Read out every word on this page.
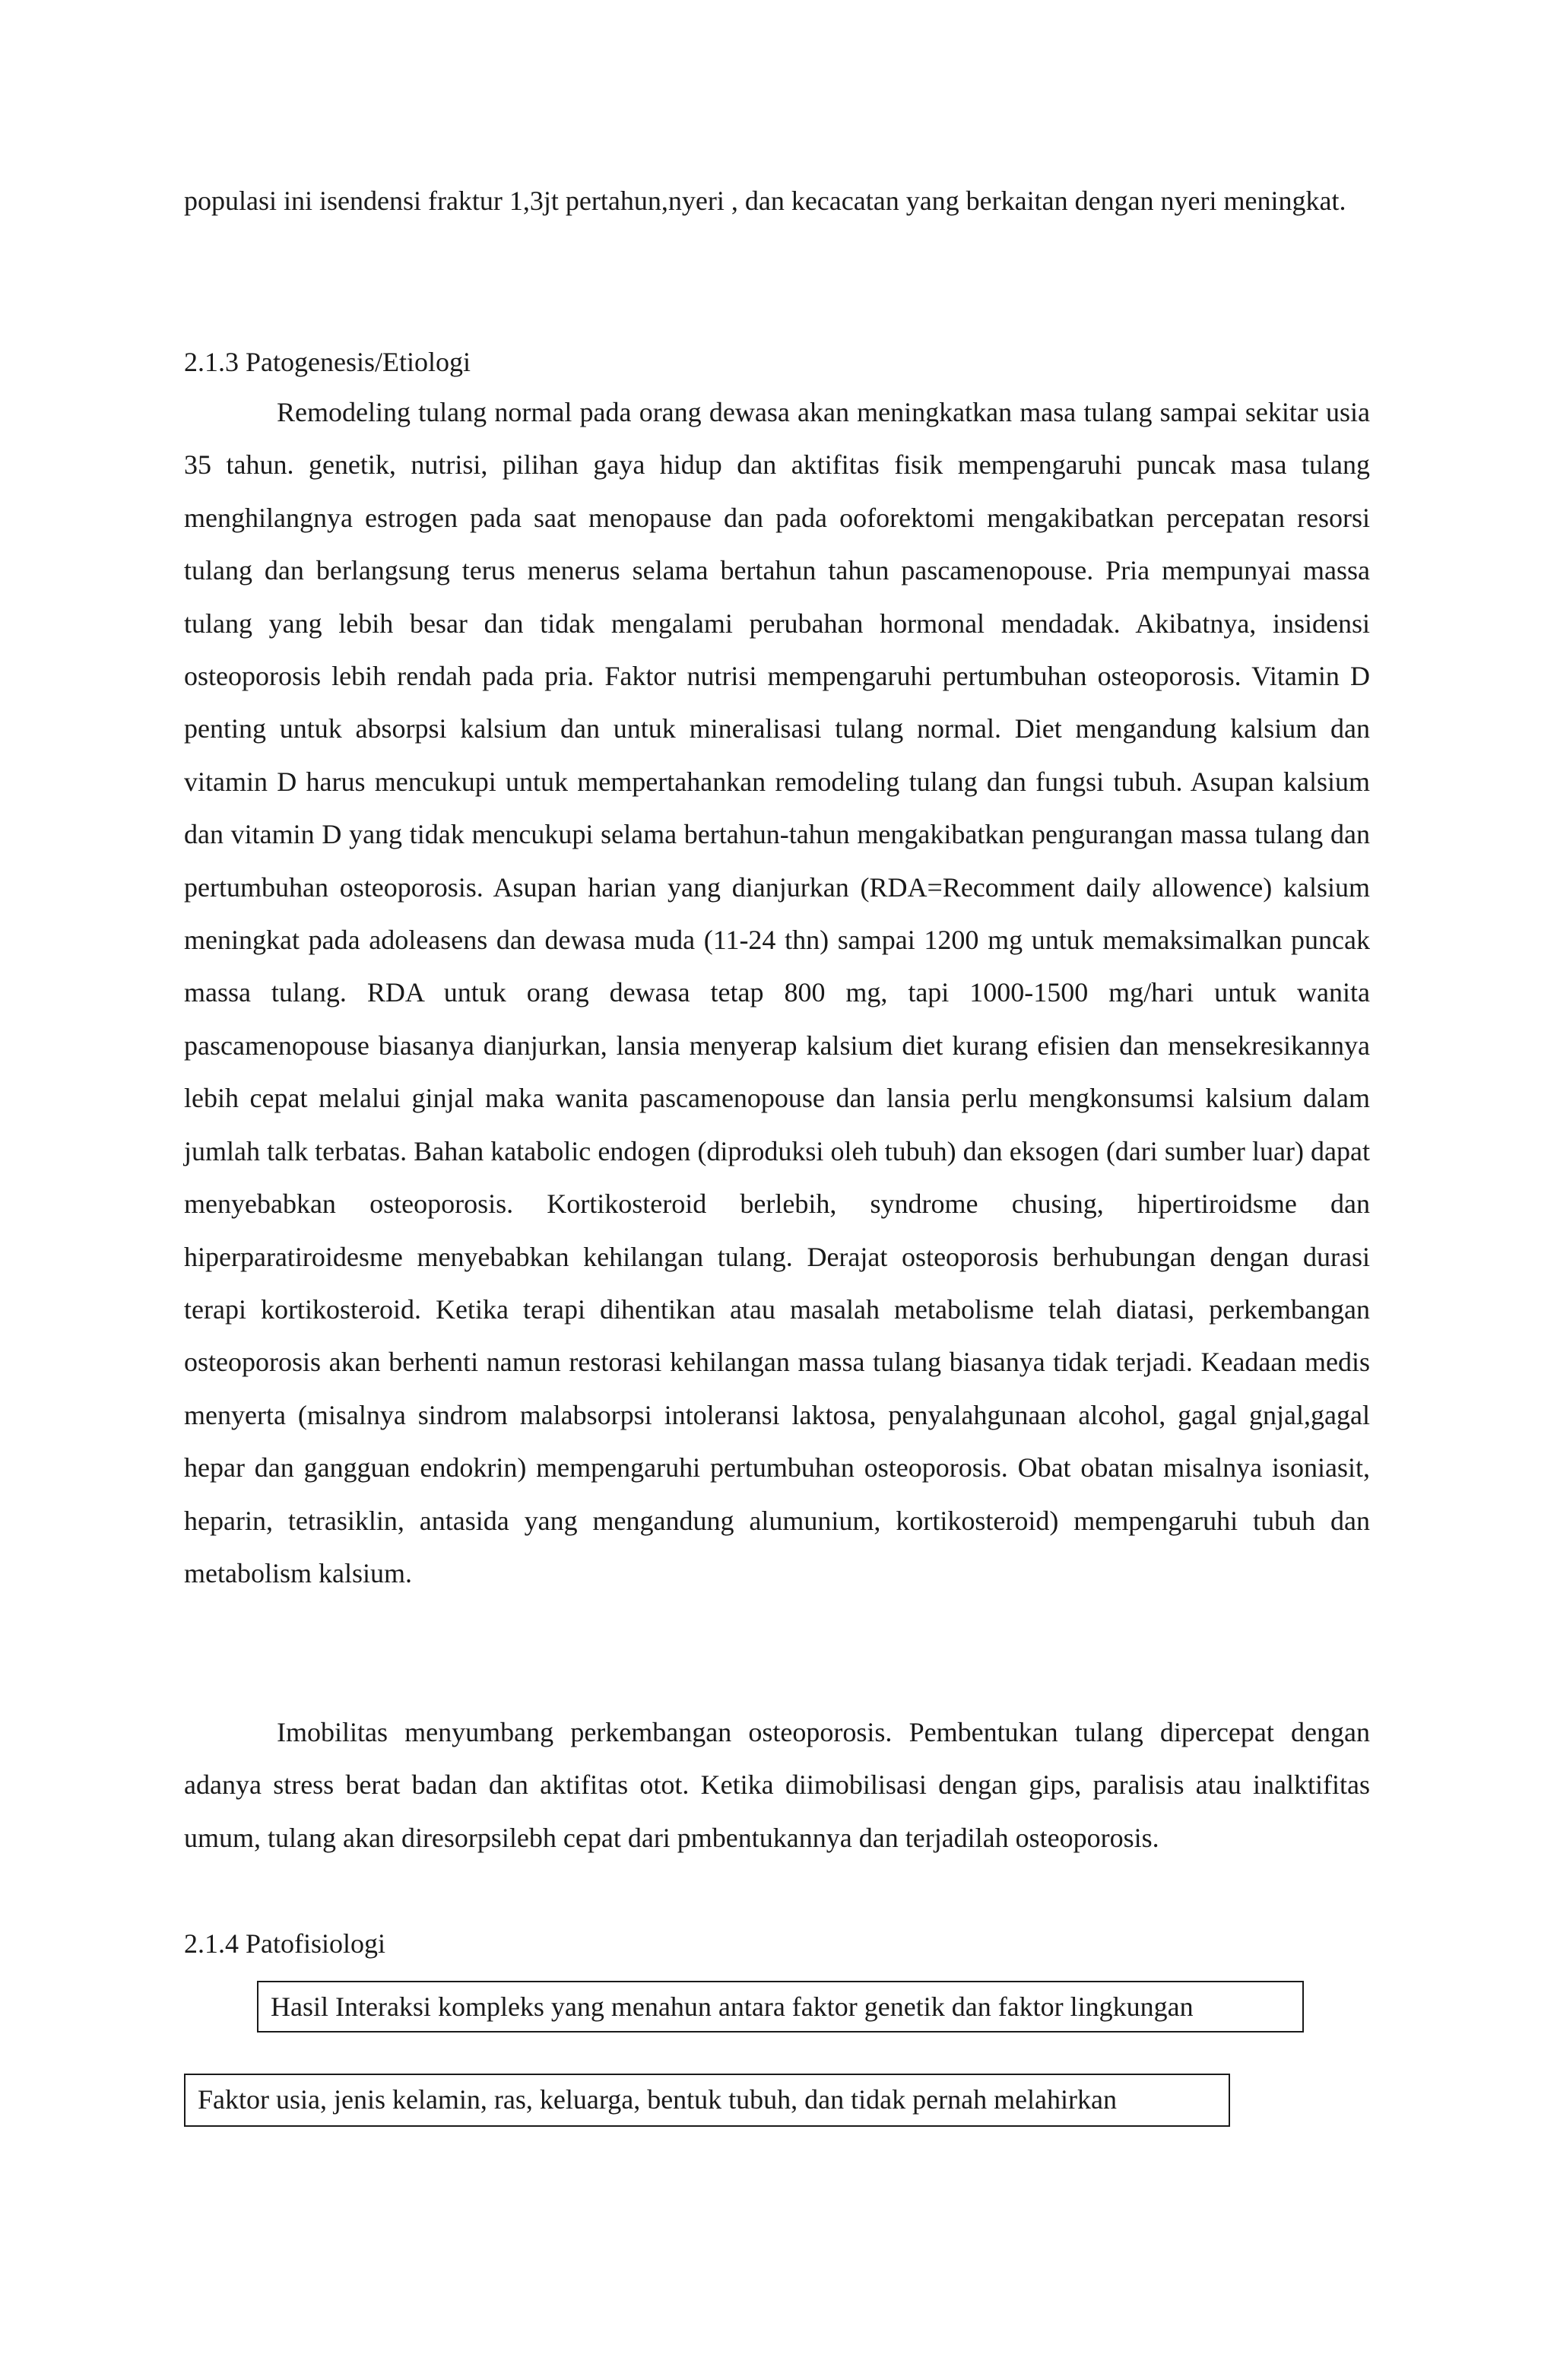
populasi ini isendensi fraktur 1,3jt pertahun,nyeri , dan kecacatan yang berkaitan dengan nyeri meningkat.

2.1.3 Patogenesis/Etiologi

Remodeling tulang normal pada orang dewasa akan meningkatkan masa tulang sampai sekitar usia 35 tahun. genetik, nutrisi, pilihan gaya hidup dan aktifitas fisik mempengaruhi puncak masa tulang menghilangnya estrogen pada saat menopause dan pada ooforektomi mengakibatkan percepatan resorsi tulang dan berlangsung terus menerus selama bertahun tahun pascamenopouse. Pria mempunyai massa tulang yang lebih besar dan tidak mengalami perubahan hormonal mendadak. Akibatnya, insidensi osteoporosis lebih rendah pada pria. Faktor nutrisi mempengaruhi pertumbuhan osteoporosis. Vitamin D penting untuk absorpsi kalsium dan untuk mineralisasi tulang normal. Diet mengandung kalsium dan vitamin D harus mencukupi untuk mempertahankan remodeling tulang dan fungsi tubuh. Asupan kalsium dan vitamin D yang tidak mencukupi selama bertahun-tahun mengakibatkan pengurangan massa tulang dan pertumbuhan osteoporosis. Asupan harian yang dianjurkan (RDA=Recomment daily allowence) kalsium meningkat pada adoleasens dan dewasa muda (11-24 thn) sampai 1200 mg untuk memaksimalkan puncak massa tulang. RDA untuk orang dewasa tetap 800 mg, tapi 1000-1500 mg/hari untuk wanita pascamenopouse biasanya dianjurkan, lansia menyerap kalsium diet kurang efisien dan mensekresikannya lebih cepat melalui ginjal maka wanita pascamenopouse dan lansia perlu mengkonsumsi kalsium dalam jumlah talk terbatas. Bahan katabolic endogen (diproduksi oleh tubuh) dan eksogen (dari sumber luar) dapat menyebabkan osteoporosis. Kortikosteroid berlebih, syndrome chusing, hipertiroidsme dan hiperparatiroidesme menyebabkan kehilangan tulang. Derajat osteoporosis berhubungan dengan durasi terapi kortikosteroid. Ketika terapi dihentikan atau masalah metabolisme telah diatasi, perkembangan osteoporosis akan berhenti namun restorasi kehilangan massa tulang biasanya tidak terjadi. Keadaan medis menyerta (misalnya sindrom malabsorpsi intoleransi laktosa, penyalahgunaan alcohol, gagal gnjal,gagal hepar dan gangguan endokrin) mempengaruhi pertumbuhan osteoporosis. Obat obatan misalnya isoniasit, heparin, tetrasiklin, antasida yang mengandung alumunium, kortikosteroid) mempengaruhi tubuh dan metabolism kalsium.

Imobilitas menyumbang perkembangan osteoporosis. Pembentukan tulang dipercepat dengan adanya stress berat badan dan aktifitas otot. Ketika diimobilisasi dengan gips, paralisis atau inalktifitas umum, tulang akan diresorpsilebh cepat dari pmbentukannya dan terjadilah osteoporosis.

2.1.4 Patofisiologi
Hasil Interaksi kompleks yang menahun antara faktor genetik dan faktor lingkungan
Faktor usia, jenis kelamin, ras, keluarga, bentuk tubuh, dan tidak pernah melahirkan
